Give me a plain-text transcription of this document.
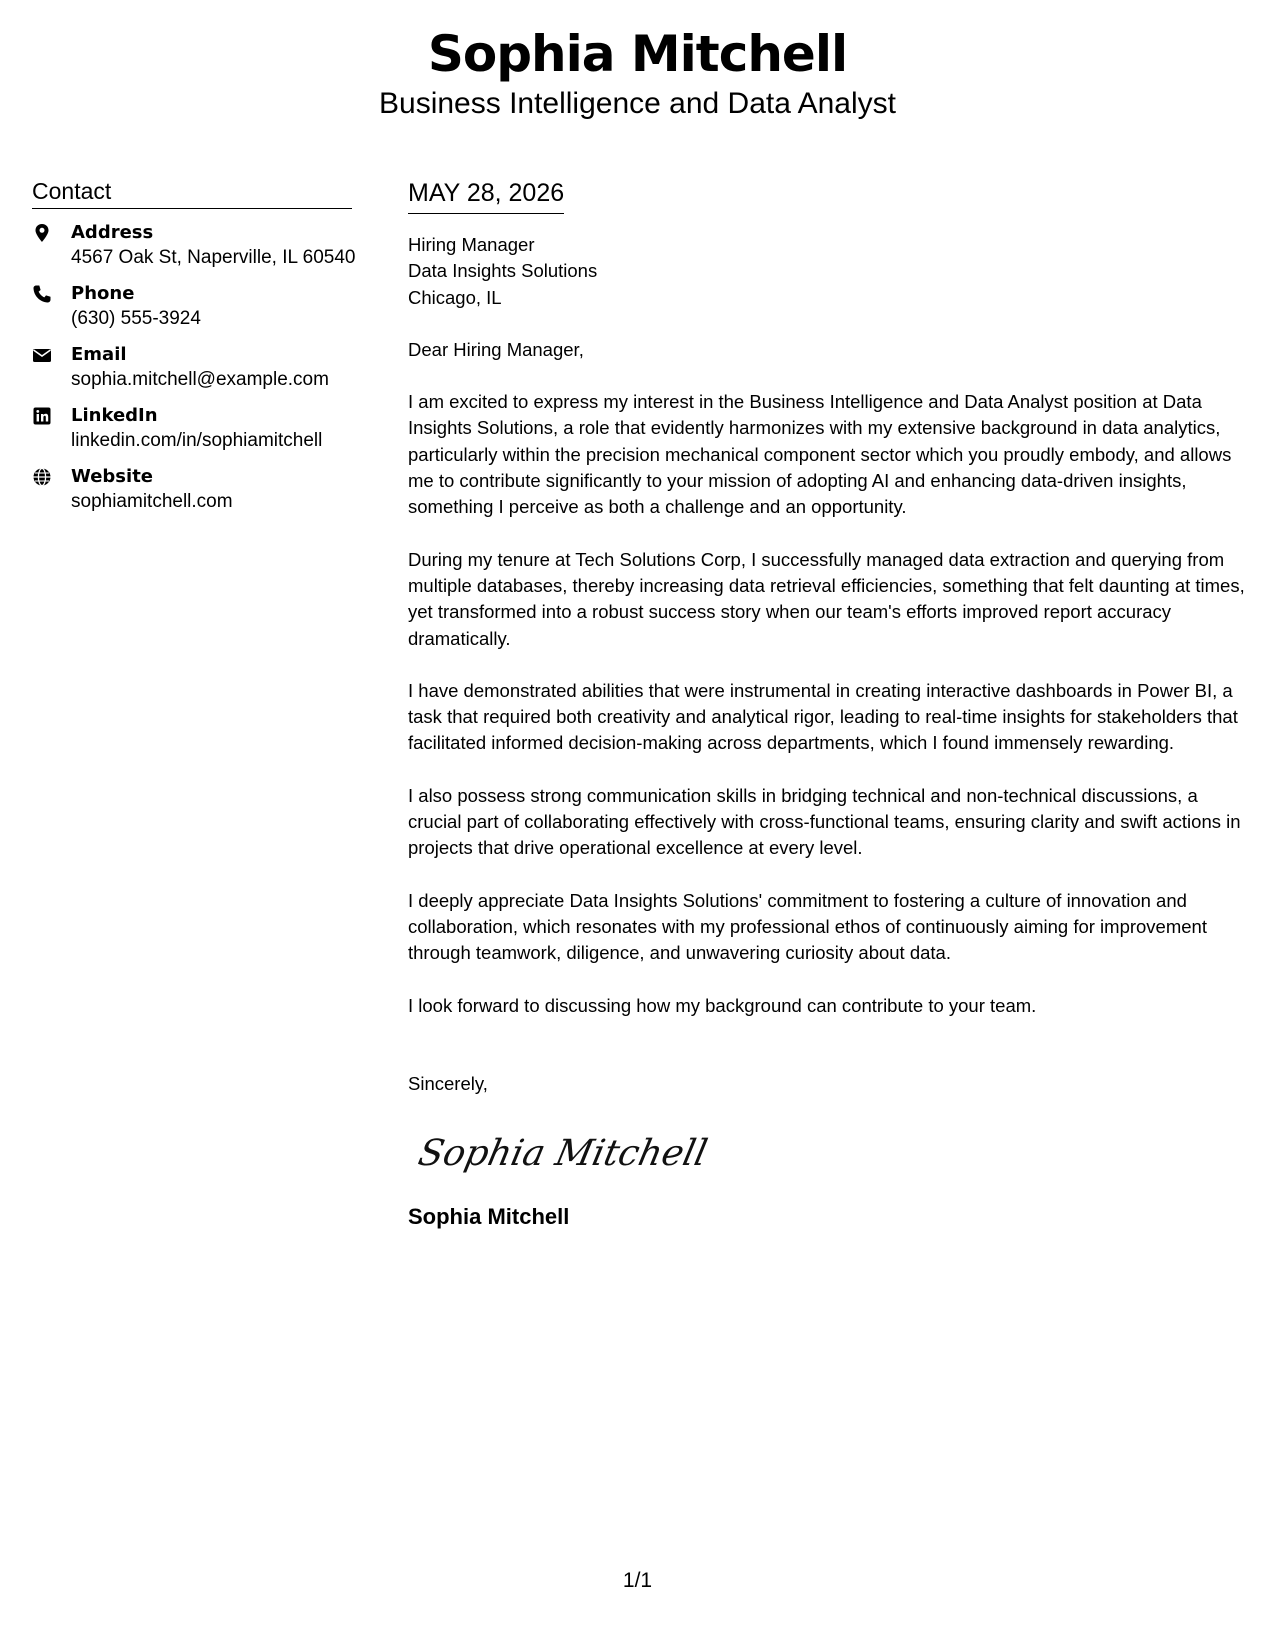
Sophia Mitchell
Business Intelligence and Data Analyst
Contact
Address
4567 Oak St, Naperville, IL 60540
Phone
(630) 555-3924
Email
sophia.mitchell@example.com
LinkedIn
linkedin.com/in/sophiamitchell
Website
sophiamitchell.com
MAY 28, 2026
Hiring Manager
Data Insights Solutions
Chicago, IL

Dear Hiring Manager,

I am excited to express my interest in the Business Intelligence and Data Analyst position at Data Insights Solutions, a role that evidently harmonizes with my extensive background in data analytics, particularly within the precision mechanical component sector which you proudly embody, and allows me to contribute significantly to your mission of adopting AI and enhancing data-driven insights, something I perceive as both a challenge and an opportunity.

During my tenure at Tech Solutions Corp, I successfully managed data extraction and querying from multiple databases, thereby increasing data retrieval efficiencies, something that felt daunting at times, yet transformed into a robust success story when our team's efforts improved report accuracy dramatically.

I have demonstrated abilities that were instrumental in creating interactive dashboards in Power BI, a task that required both creativity and analytical rigor, leading to real-time insights for stakeholders that facilitated informed decision-making across departments, which I found immensely rewarding.

I also possess strong communication skills in bridging technical and non-technical discussions, a crucial part of collaborating effectively with cross-functional teams, ensuring clarity and swift actions in projects that drive operational excellence at every level.

I deeply appreciate Data Insights Solutions' commitment to fostering a culture of innovation and collaboration, which resonates with my professional ethos of continuously aiming for improvement through teamwork, diligence, and unwavering curiosity about data.

I look forward to discussing how my background can contribute to your team.

Sincerely,
Sophia Mitchell
Sophia Mitchell
1/1
